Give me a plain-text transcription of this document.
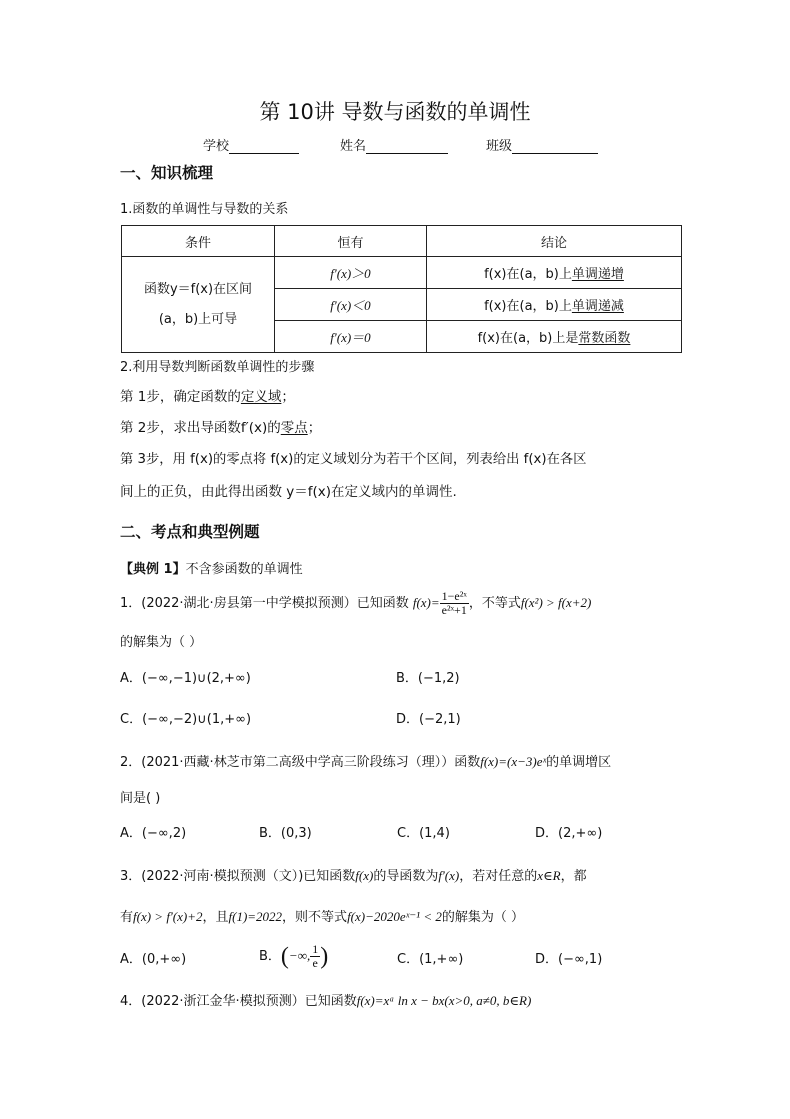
第 10讲 导数与函数的单调性
学校	姓名	班级
一、知识梳理
1.函数的单调性与导数的关系
条件	恒有	结论

函数y＝f(x)在区间
(a，b)上可导	f′(x)＞0	f(x)在(a，b)上单调递增
	f′(x)＜0	f(x)在(a，b)上单调递减
	f′(x)＝0	f(x)在(a，b)上是常数函数
2.利用导数判断函数单调性的步骤
第 1步，确定函数的定义域；
第 2步，求出导函数f′(x)的零点；
第 3步，用 f(x)的零点将 f(x)的定义域划分为若干个区间，列表给出 f(x)在各区
间上的正负，由此得出函数 y＝f(x)在定义域内的单调性.
二、考点和典型例题
【典例 1】不含参函数的单调性
1．(2022·湖北·房县第一中学模拟预测）已知函数 $f(x)= \frac{\text{1−e²ˣ}}{\text{e²ˣ+1}}$ ，不等式f(x²) > f(x+2)
的解集为（ ）
A．(−∞,−1)∪(2,+∞)	B．(−1,2)
C．(−∞,−2)∪(1,+∞)	D．(−2,1)
2．(2021·西藏·林芝市第二高级中学高三阶段练习（理））函数f(x)=(x−3)eˣ的单调增区
间是( )
A．(−∞,2)	B．(0,3)	C．(1,4)	D．(2,+∞)
3．(2022·河南·模拟预测（文）)已知函数f(x)的导函数为f′(x)，若对任意的x∈R，都
有f(x) > f′(x)+2，且f(1)=2022，则不等式f(x)−2020eˣ⁻¹ < 2的解集为（ ）
A．(0,+∞)	B．(−∞, $\frac{1}{e}$ )	C．(1,+∞)	D．(−∞,1)
4．(2022·浙江金华·模拟预测）已知函数f(x)=xᵃ ln x − bx(x>0, a≠0, b∈R)
